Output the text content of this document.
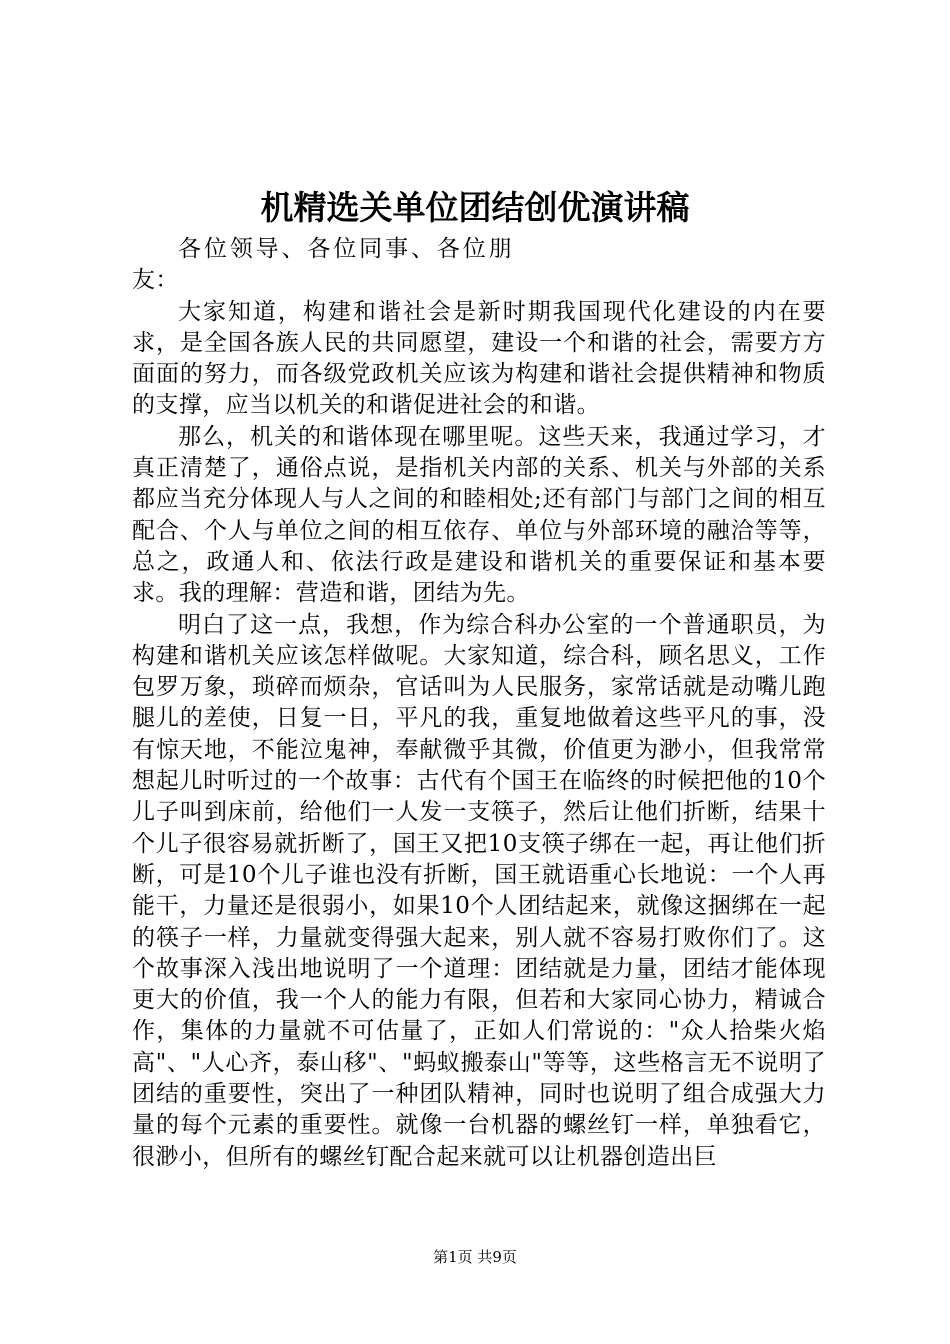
机精选关单位团结创优演讲稿

各位领导、各位同事、各位朋友：

大家知道，构建和谐社会是新时期我国现代化建设的内在要求，是全国各族人民的共同愿望，建设一个和谐的社会，需要方方面面的努力，而各级党政机关应该为构建和谐社会提供精神和物质的支撑，应当以机关的和谐促进社会的和谐。

那么，机关的和谐体现在哪里呢。这些天来，我通过学习，才真正清楚了，通俗点说，是指机关内部的关系、机关与外部的关系都应当充分体现人与人之间的和睦相处;还有部门与部门之间的相互配合、个人与单位之间的相互依存、单位与外部环境的融洽等等，总之，政通人和、依法行政是建设和谐机关的重要保证和基本要求。我的理解：营造和谐，团结为先。

明白了这一点，我想，作为综合科办公室的一个普通职员，为构建和谐机关应该怎样做呢。大家知道，综合科，顾名思义，工作包罗万象，琐碎而烦杂，官话叫为人民服务，家常话就是动嘴儿跑腿儿的差使，日复一日，平凡的我，重复地做着这些平凡的事，没有惊天地，不能泣鬼神，奉献微乎其微，价值更为渺小，但我常常想起儿时听过的一个故事：古代有个国王在临终的时候把他的10个儿子叫到床前，给他们一人发一支筷子，然后让他们折断，结果十个儿子很容易就折断了，国王又把10支筷子绑在一起，再让他们折断，可是10个儿子谁也没有折断，国王就语重心长地说：一个人再能干，力量还是很弱小，如果10个人团结起来，就像这捆绑在一起的筷子一样，力量就变得强大起来，别人就不容易打败你们了。这个故事深入浅出地说明了一个道理：团结就是力量，团结才能体现更大的价值，我一个人的能力有限，但若和大家同心协力，精诚合作，集体的力量就不可估量了，正如人们常说的："众人拾柴火焰高"、"人心齐，泰山移"、"蚂蚁搬泰山"等等，这些格言无不说明了团结的重要性，突出了一种团队精神，同时也说明了组合成强大力量的每个元素的重要性。就像一台机器的螺丝钉一样，单独看它，很渺小，但所有的螺丝钉配合起来就可以让机器创造出巨

第1页 共9页
